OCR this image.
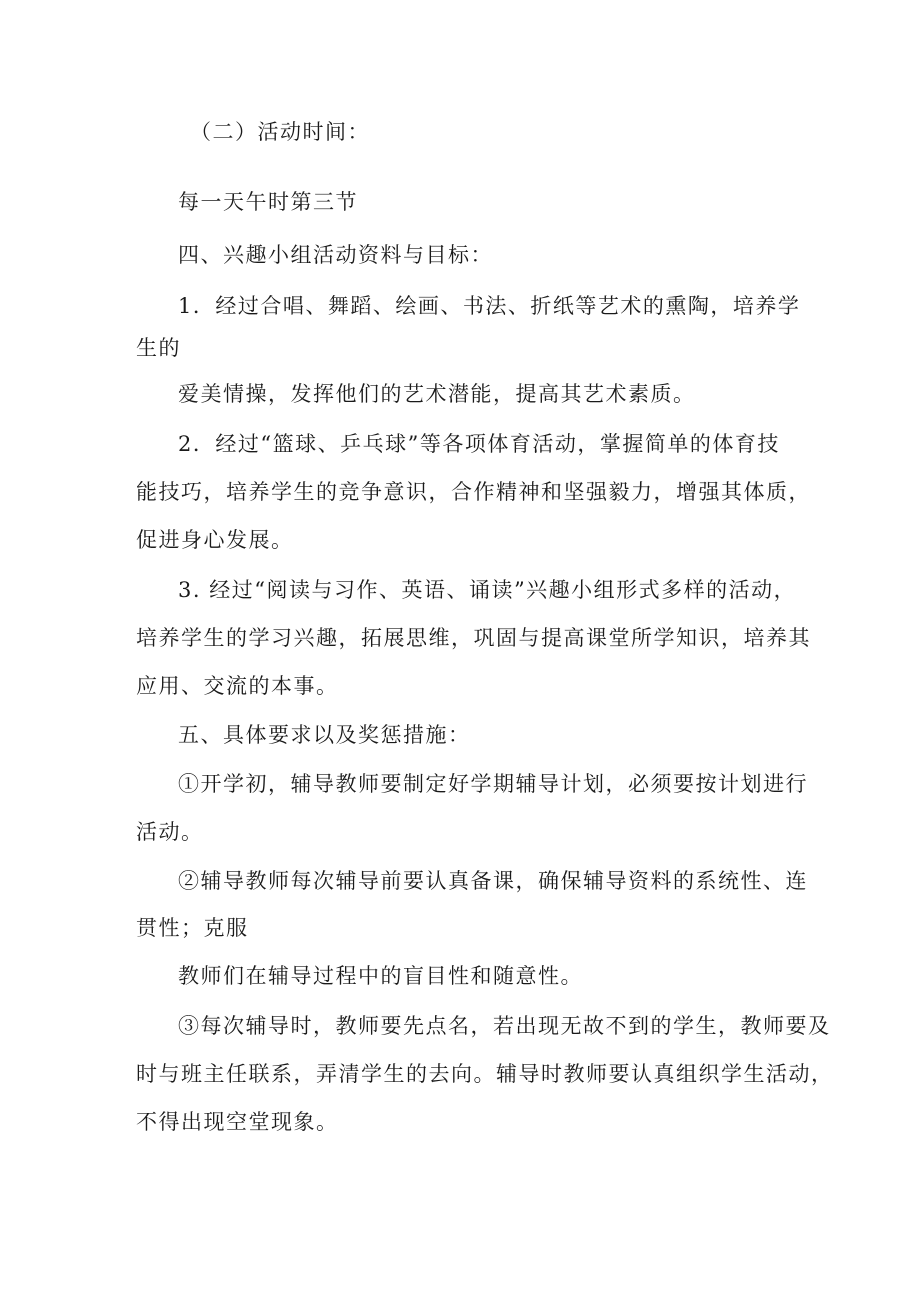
（二）活动时间：
每一天午时第三节
四、兴趣小组活动资料与目标：
1．经过合唱、舞蹈、绘画、书法、折纸等艺术的熏陶，培养学
生的
爱美情操，发挥他们的艺术潜能，提高其艺术素质。
2．经过“篮球、乒乓球”等各项体育活动，掌握简单的体育技
能技巧，培养学生的竞争意识，合作精神和坚强毅力，增强其体质，
促进身心发展。
3. 经过“阅读与习作、英语、诵读”兴趣小组形式多样的活动，
培养学生的学习兴趣，拓展思维，巩固与提高课堂所学知识，培养其
应用、交流的本事。
五、具体要求以及奖惩措施：
①开学初，辅导教师要制定好学期辅导计划，必须要按计划进行
活动。
②辅导教师每次辅导前要认真备课，确保辅导资料的系统性、连
贯性；克服
教师们在辅导过程中的盲目性和随意性。
③每次辅导时，教师要先点名，若出现无故不到的学生，教师要及
时与班主任联系，弄清学生的去向。辅导时教师要认真组织学生活动，
不得出现空堂现象。
